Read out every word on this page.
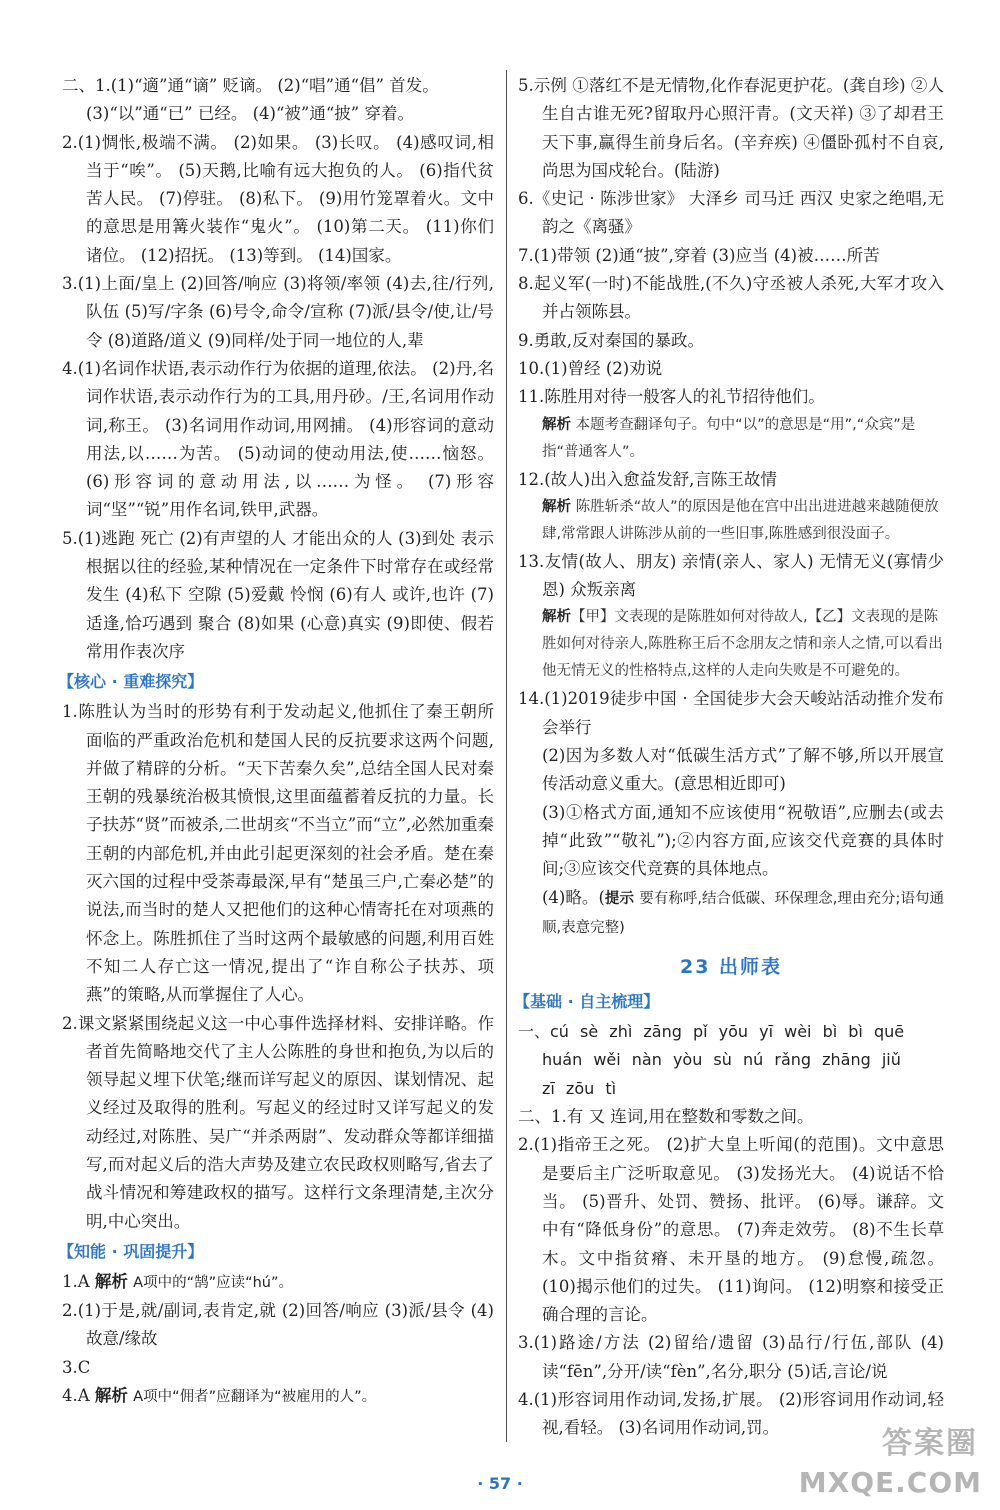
二、1.(1)“適”通“谪” 贬谪。 (2)“唱”通“倡” 首发。

(3)“以”通“已” 已经。 (4)“被”通“披” 穿着。

2.(1)惆怅,极端不满。 (2)如果。 (3)长叹。 (4)感叹词,相当于“唉”。 (5)天鹅,比喻有远大抱负的人。 (6)指代贫苦人民。 (7)停驻。 (8)私下。 (9)用竹笼罩着火。文中的意思是用篝火装作“鬼火”。 (10)第二天。 (11)你们诸位。 (12)招抚。 (13)等到。 (14)国家。

3.(1)上面/皇上 (2)回答/响应 (3)将领/率领 (4)去,往/行列,队伍 (5)写/字条 (6)号令,命令/宣称 (7)派/县令/使,让/号令 (8)道路/道义 (9)同样/处于同一地位的人,辈

4.(1)名词作状语,表示动作行为依据的道理,依法。 (2)丹,名词作状语,表示动作行为的工具,用丹砂。/王,名词用作动词,称王。 (3)名词用作动词,用网捕。 (4)形容词的意动用法,以……为苦。 (5)动词的使动用法,使……恼怒。 (6)形容词的意动用法,以……为怪。 (7)形容词“坚”“锐”用作名词,铁甲,武器。

5.(1)逃跑 死亡 (2)有声望的人 才能出众的人 (3)到处 表示根据以往的经验,某种情况在一定条件下时常存在或经常发生 (4)私下 空隙 (5)爱戴 怜悯 (6)有人 或许,也许 (7)适逢,恰巧遇到 聚合 (8)如果 (心意)真实 (9)即使、假若 常用作表次序

【核心 · 重难探究】

1.陈胜认为当时的形势有利于发动起义,他抓住了秦王朝所面临的严重政治危机和楚国人民的反抗要求这两个问题,并做了精辟的分析。“天下苦秦久矣”,总结全国人民对秦王朝的残暴统治极其愤恨,这里面蕴蓄着反抗的力量。长子扶苏“贤”而被杀,二世胡亥“不当立”而“立”,必然加重秦王朝的内部危机,并由此引起更深刻的社会矛盾。楚在秦灭六国的过程中受荼毒最深,早有“楚虽三户,亡秦必楚”的说法,而当时的楚人又把他们的这种心情寄托在对项燕的怀念上。陈胜抓住了当时这两个最敏感的问题,利用百姓不知二人存亡这一情况,提出了“诈自称公子扶苏、项燕”的策略,从而掌握住了人心。

2.课文紧紧围绕起义这一中心事件选择材料、安排详略。作者首先简略地交代了主人公陈胜的身世和抱负,为以后的领导起义埋下伏笔;继而详写起义的原因、谋划情况、起义经过及取得的胜利。写起义的经过时又详写起义的发动经过,对陈胜、吴广“并杀两尉”、发动群众等都详细描写,而对起义后的浩大声势及建立农民政权则略写,省去了战斗情况和筹建政权的描写。这样行文条理清楚,主次分明,中心突出。

【知能 · 巩固提升】

1.A 解析 A项中的“鹄”应读“hú”。

2.(1)于是,就/副词,表肯定,就 (2)回答/响应 (3)派/县令 (4)故意/缘故

3.C

4.A 解析 A项中“佣者”应翻译为“被雇用的人”。

5.示例 ①落红不是无情物,化作春泥更护花。(龚自珍) ②人生自古谁无死?留取丹心照汗青。(文天祥) ③了却君王天下事,赢得生前身后名。(辛弃疾) ④僵卧孤村不自哀,尚思为国戍轮台。(陆游)

6.《史记 · 陈涉世家》 大泽乡 司马迁 西汉 史家之绝唱,无韵之《离骚》

7.(1)带领 (2)通“披”,穿着 (3)应当 (4)被……所苦

8.起义军(一时)不能战胜,(不久)守丞被人杀死,大军才攻入并占领陈县。

9.勇敢,反对秦国的暴政。

10.(1)曾经 (2)劝说

11.陈胜用对待一般客人的礼节招待他们。

解析 本题考查翻译句子。句中“以”的意思是“用”,“众宾”是指“普通客人”。

12.(故人)出入愈益发舒,言陈王故情

解析 陈胜斩杀“故人”的原因是他在宫中出出进进越来越随便放肆,常常跟人讲陈涉从前的一些旧事,陈胜感到很没面子。

13.友情(故人、朋友) 亲情(亲人、家人) 无情无义(寡情少恩) 众叛亲离

解析【甲】文表现的是陈胜如何对待故人,【乙】文表现的是陈胜如何对待亲人,陈胜称王后不念朋友之情和亲人之情,可以看出他无情无义的性格特点,这样的人走向失败是不可避免的。

14.(1)2019徒步中国 · 全国徒步大会天峻站活动推介发布会举行

(2)因为多数人对“低碳生活方式”了解不够,所以开展宣传活动意义重大。(意思相近即可)

(3)①格式方面,通知不应该使用“祝敬语”,应删去(或去掉“此致”“敬礼”);②内容方面,应该交代竞赛的具体时间;③应该交代竞赛的具体地点。

(4)略。(提示 要有称呼,结合低碳、环保理念,理由充分;语句通顺,表意完整)

23 出师表
【基础 · 自主梳理】

一、cú sè zhì zāng pǐ yōu yī wèi bì bì quē

huán wěi nàn yòu sù nú rǎng zhāng jiǔ

zī zōu tì

二、1.有 又 连词,用在整数和零数之间。

2.(1)指帝王之死。 (2)扩大皇上听闻(的范围)。文中意思是要后主广泛听取意见。 (3)发扬光大。 (4)说话不恰当。 (5)晋升、处罚、赞扬、批评。 (6)辱。谦辞。文中有“降低身份”的意思。 (7)奔走效劳。 (8)不生长草木。文中指贫瘠、未开垦的地方。 (9)怠慢,疏忽。 (10)揭示他们的过失。 (11)询问。 (12)明察和接受正确合理的言论。

3.(1)路途/方法 (2)留给/遗留 (3)品行/行伍,部队 (4)读“fēn”,分开/读“fèn”,名分,职分 (5)话,言论/说

4.(1)形容词用作动词,发扬,扩展。 (2)形容词用作动词,轻视,看轻。 (3)名词用作动词,罚。

· 57 ·
答案圈
MXQE.COM
